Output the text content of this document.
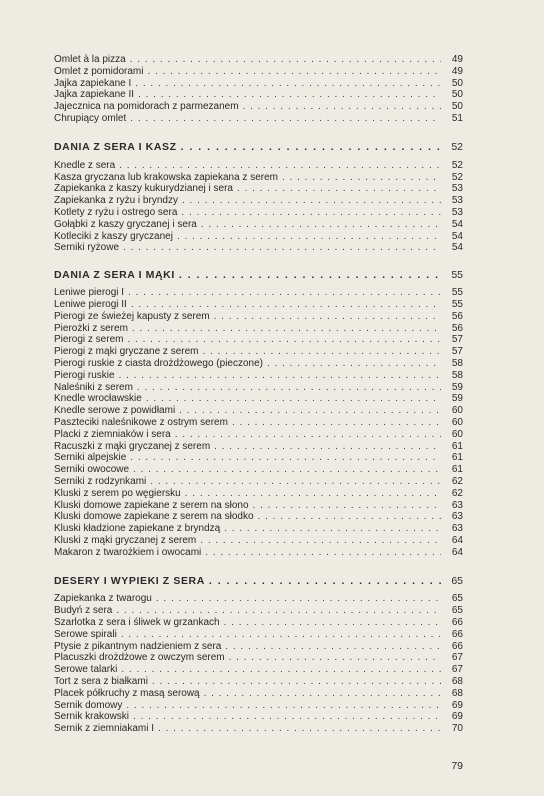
Omlet à la pizza . . .	49
Omlet z pomidorami . . .	49
Jajka zapiekane I . . .	50
Jajka zapiekane II . . .	50
Jajecznica na pomidorach z parmezanem . . .	50
Chrupiący omlet . . .	51
DANIA Z SERA I KASZ . . .	52
Knedle z sera . . .	52
Kasza gryczana lub krakowska zapiekana z serem . . .	52
Zapiekanka z kaszy kukurydzianej i sera . . .	53
Zapiekanka z ryżu i bryndzy . . .	53
Kotlety z ryżu i ostrego sera . . .	53
Gołąbki z kaszy gryczanej i sera . . .	54
Kotleciki z kaszy gryczanej . . .	54
Serniki ryżowe . . .	54
DANIA Z SERA I MĄKI . . .	55
Leniwe pierogi I . . .	55
Leniwe pierogi II . . .	55
Pierogi ze świeżej kapusty z serem . . .	56
Pierożki z serem . . .	56
Pierogi z serem . . .	57
Pierogi z mąki gryczane z serem . . .	57
Pierogi ruskie z ciasta drożdżowego (pieczone) . . .	58
Pierogi ruskie . . .	58
Naleśniki z serem . . .	59
Knedle wrocławskie . . .	59
Knedle serowe z powidłami . . .	60
Paszteciki naleśnikowe z ostrym serem . . .	60
Placki z ziemniaków i sera . . .	60
Racuszki z mąki gryczanej z serem . . .	61
Serniki alpejskie . . .	61
Serniki owocowe . . .	61
Serniki z rodzynkami . . .	62
Kluski z serem po węgiersku . . .	62
Kluski domowe zapiekane z serem na słono . . .	63
Kluski domowe zapiekane z serem na słodko . . .	63
Kluski kładzione zapiekane z bryndzą . . .	63
Kluski z mąki gryczanej z serem . . .	64
Makaron z twarożkiem i owocami . . .	64
DESERY I WYPIEKI Z SERA . . .	65
Zapiekanka z twarogu . . .	65
Budyń z sera . . .	65
Szarlotka z sera i śliwek w grzankach . . .	66
Serowe spirali . . .	66
Ptysie z pikantnym nadzieniem z sera . . .	66
Placuszki drożdżowe z owczym serem . . .	67
Serowe talarki . . .	67
Tort z sera z białkami . . .	68
Placek półkruchy z masą serową . . .	68
Sernik domowy . . .	69
Sernik krakowski . . .	69
Sernik z ziemniakami I . . .	70
79
